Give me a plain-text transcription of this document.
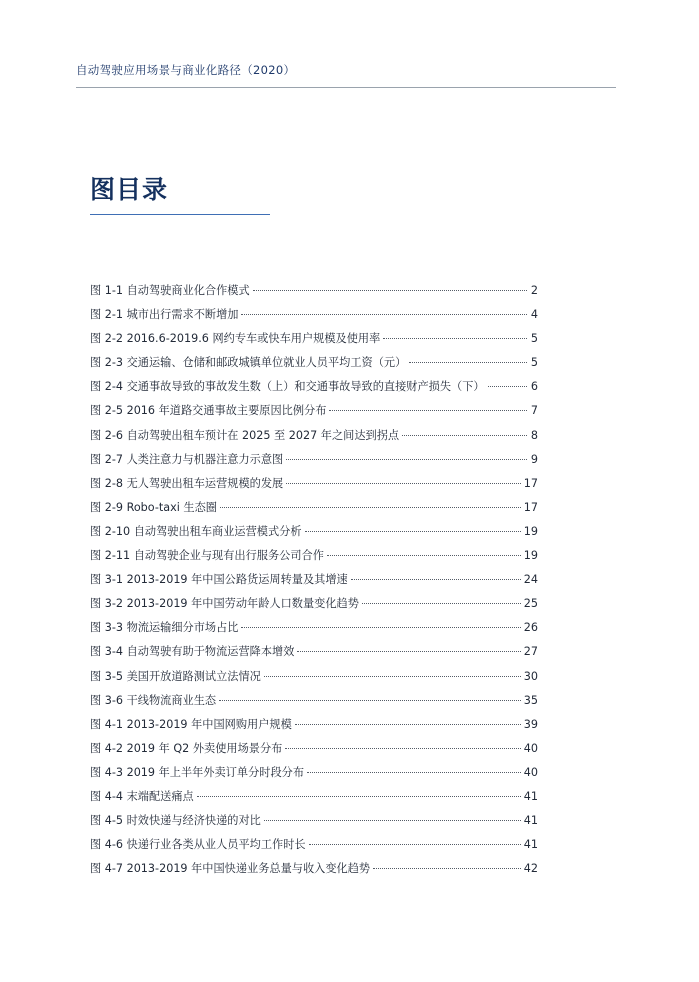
自动驾驶应用场景与商业化路径（2020）
图目录
图 1-1 自动驾驶商业化合作模式	2
图 2-1 城市出行需求不断增加	4
图 2-2 2016.6-2019.6 网约专车或快车用户规模及使用率	5
图 2-3 交通运输、仓储和邮政城镇单位就业人员平均工资（元）	5
图 2-4 交通事故导致的事故发生数（上）和交通事故导致的直接财产损失（下）	6
图 2-5 2016 年道路交通事故主要原因比例分布	7
图 2-6 自动驾驶出租车预计在 2025 至 2027 年之间达到拐点	8
图 2-7 人类注意力与机器注意力示意图	9
图 2-8 无人驾驶出租车运营规模的发展	17
图 2-9 Robo-taxi 生态圈	17
图 2-10 自动驾驶出租车商业运营模式分析	19
图 2-11 自动驾驶企业与现有出行服务公司合作	19
图 3-1 2013-2019 年中国公路货运周转量及其增速	24
图 3-2 2013-2019 年中国劳动年龄人口数量变化趋势	25
图 3-3 物流运输细分市场占比	26
图 3-4 自动驾驶有助于物流运营降本增效	27
图 3-5 美国开放道路测试立法情况	30
图 3-6 干线物流商业生态	35
图 4-1 2013-2019 年中国网购用户规模	39
图 4-2 2019 年 Q2 外卖使用场景分布	40
图 4-3 2019 年上半年外卖订单分时段分布	40
图 4-4 末端配送痛点	41
图 4-5 时效快递与经济快递的对比	41
图 4-6 快递行业各类从业人员平均工作时长	41
图 4-7 2013-2019 年中国快递业务总量与收入变化趋势	42
